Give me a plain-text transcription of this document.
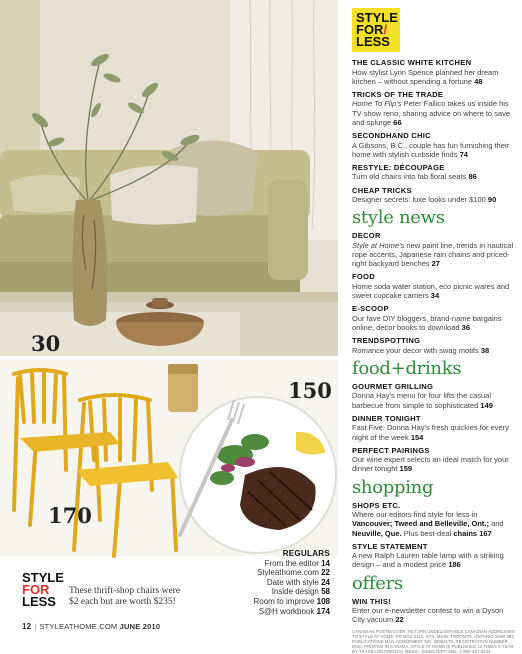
30
150
170
STYLE
FOR
LESS
These thrift-shop chairs were $2 each but are worth $235!
REGULARS
From the editor 14
Styleathome.com 22
Date with style 24
Inside design 58
Room to improve 108
S@H workbook 174
12 | STYLEATHOME.COM JUNE 2010
STYLE
FOR/
LESS
THE CLASSIC WHITE KITCHEN
How stylist Lynn Spence planned her dream kitchen – without spending a fortune 48
TRICKS OF THE TRADE
Home To Flip's Peter Fallico takes us inside his TV show reno, sharing advice on where to save and splurge 66
SECONDHAND CHIC
A Gibsons, B.C., couple has fun furnishing their home with stylish curbside finds 74
RESTYLE: DÉCOUPAGE
Turn old chairs into fab floral seats 86
CHEAP TRICKS
Designer secrets: luxe looks under $100 90
style news
DECOR
Style at Home's new paint line, trends in nautical rope accents, Japanese rain chains and priced-right backyard benches 27
FOOD
Home soda water station, eco picnic wares and sweet cupcake carriers 34
E-SCOOP
Our fave DIY bloggers, brand-name bargains online, decor books to download 36
TRENDSPOTTING
Romance your decor with swag motifs 38
food+drinks
GOURMET GRILLING
Donna Hay's menu for four lifts the casual barbecue from simple to sophisticated 149
DINNER TONIGHT
Fast Five: Donna Hay's fresh quickies for every night of the week 154
PERFECT PAIRINGS
Our wine expert selects an ideal match for your dinner tonight 159
shopping
SHOPS ETC.
Where our editors find style for less in Vancouver; Tweed and Belleville, Ont.; and Neuville, Que. Plus best-deal chains 167
STYLE STATEMENT
A new Ralph Lauren table lamp with a striking design – and a modest price 186
offers
WIN THIS!
Enter our e-newsletter contest to win a Dyson City vacuum 22
CANADIAN POSTMASTER, RETURN UNDELIVERABLE CANADIAN ADDRESSES TO STYLE AT HOME, PO BOX 2112, STN. MAIN, TORONTO, ONTARIO M4W 3B2. PUBLICATIONS MAIL AGREEMENT NO. 40063170. REGISTRATION NUMBER 9910. PRINTED IN CANADA. STYLE AT HOME IS PUBLISHED 12 TIMES A YEAR BY TRANSCONTINENTAL MEDIA. SUBSCRIPTIONS: 1-800-387-6332.
